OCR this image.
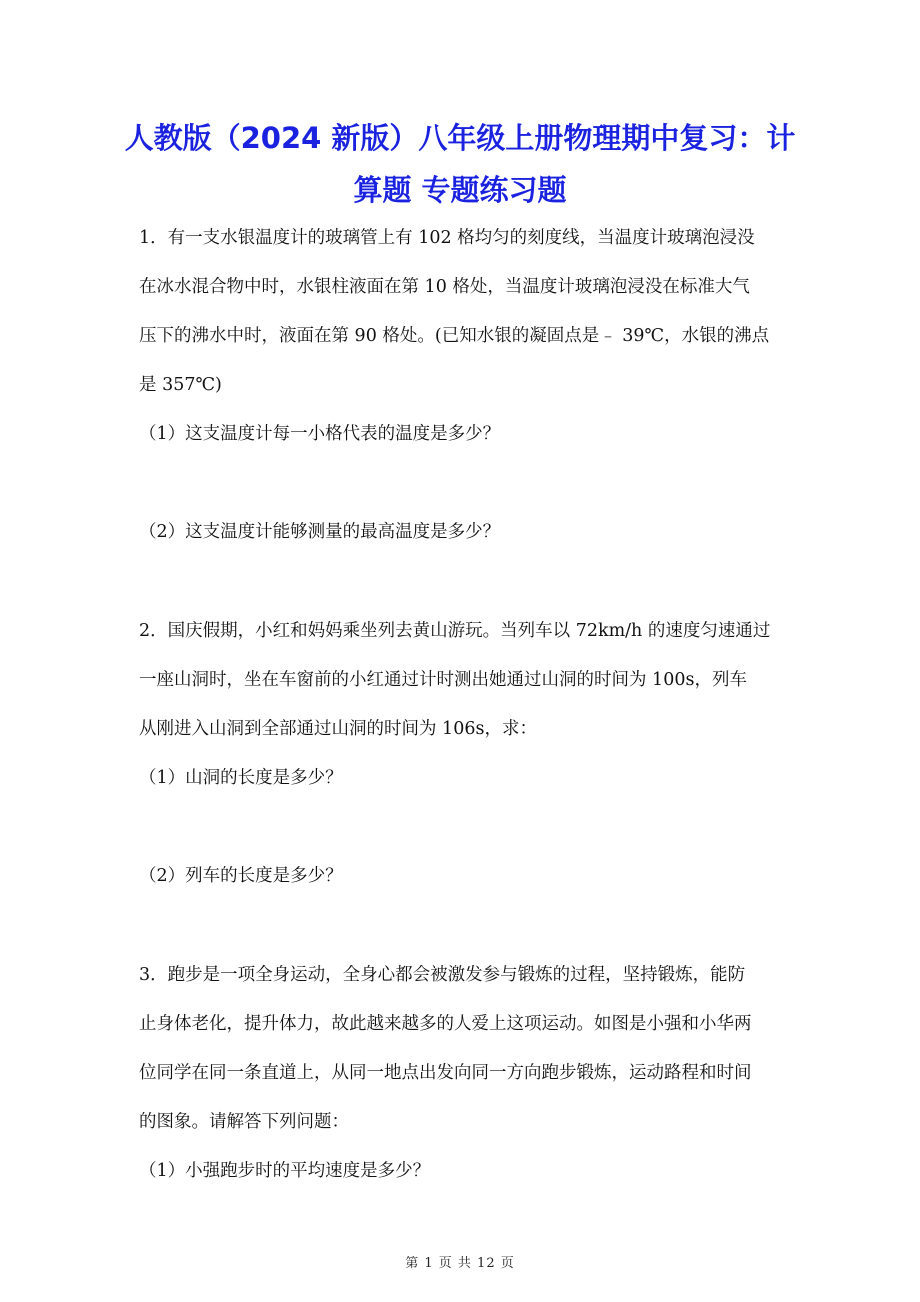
人教版（2024 新版）八年级上册物理期中复习：计
算题 专题练习题
1．有一支水银温度计的玻璃管上有 102 格均匀的刻度线，当温度计玻璃泡浸没
在冰水混合物中时，水银柱液面在第 10 格处，当温度计玻璃泡浸没在标准大气
压下的沸水中时，液面在第 90 格处。(已知水银的凝固点是﹣ 39℃，水银的沸点
是 357℃)
（1）这支温度计每一小格代表的温度是多少？
（2）这支温度计能够测量的最高温度是多少？
2．国庆假期，小红和妈妈乘坐列去黄山游玩。当列车以 72km/h 的速度匀速通过
一座山洞时，坐在车窗前的小红通过计时测出她通过山洞的时间为 100s，列车
从刚进入山洞到全部通过山洞的时间为 106s，求：
（1）山洞的长度是多少？
（2）列车的长度是多少？
3．跑步是一项全身运动，全身心都会被激发参与锻炼的过程，坚持锻炼，能防
止身体老化，提升体力，故此越来越多的人爱上这项运动。如图是小强和小华两
位同学在同一条直道上，从同一地点出发向同一方向跑步锻炼，运动路程和时间
的图象。请解答下列问题：
（1）小强跑步时的平均速度是多少？
第 1 页 共 12 页
